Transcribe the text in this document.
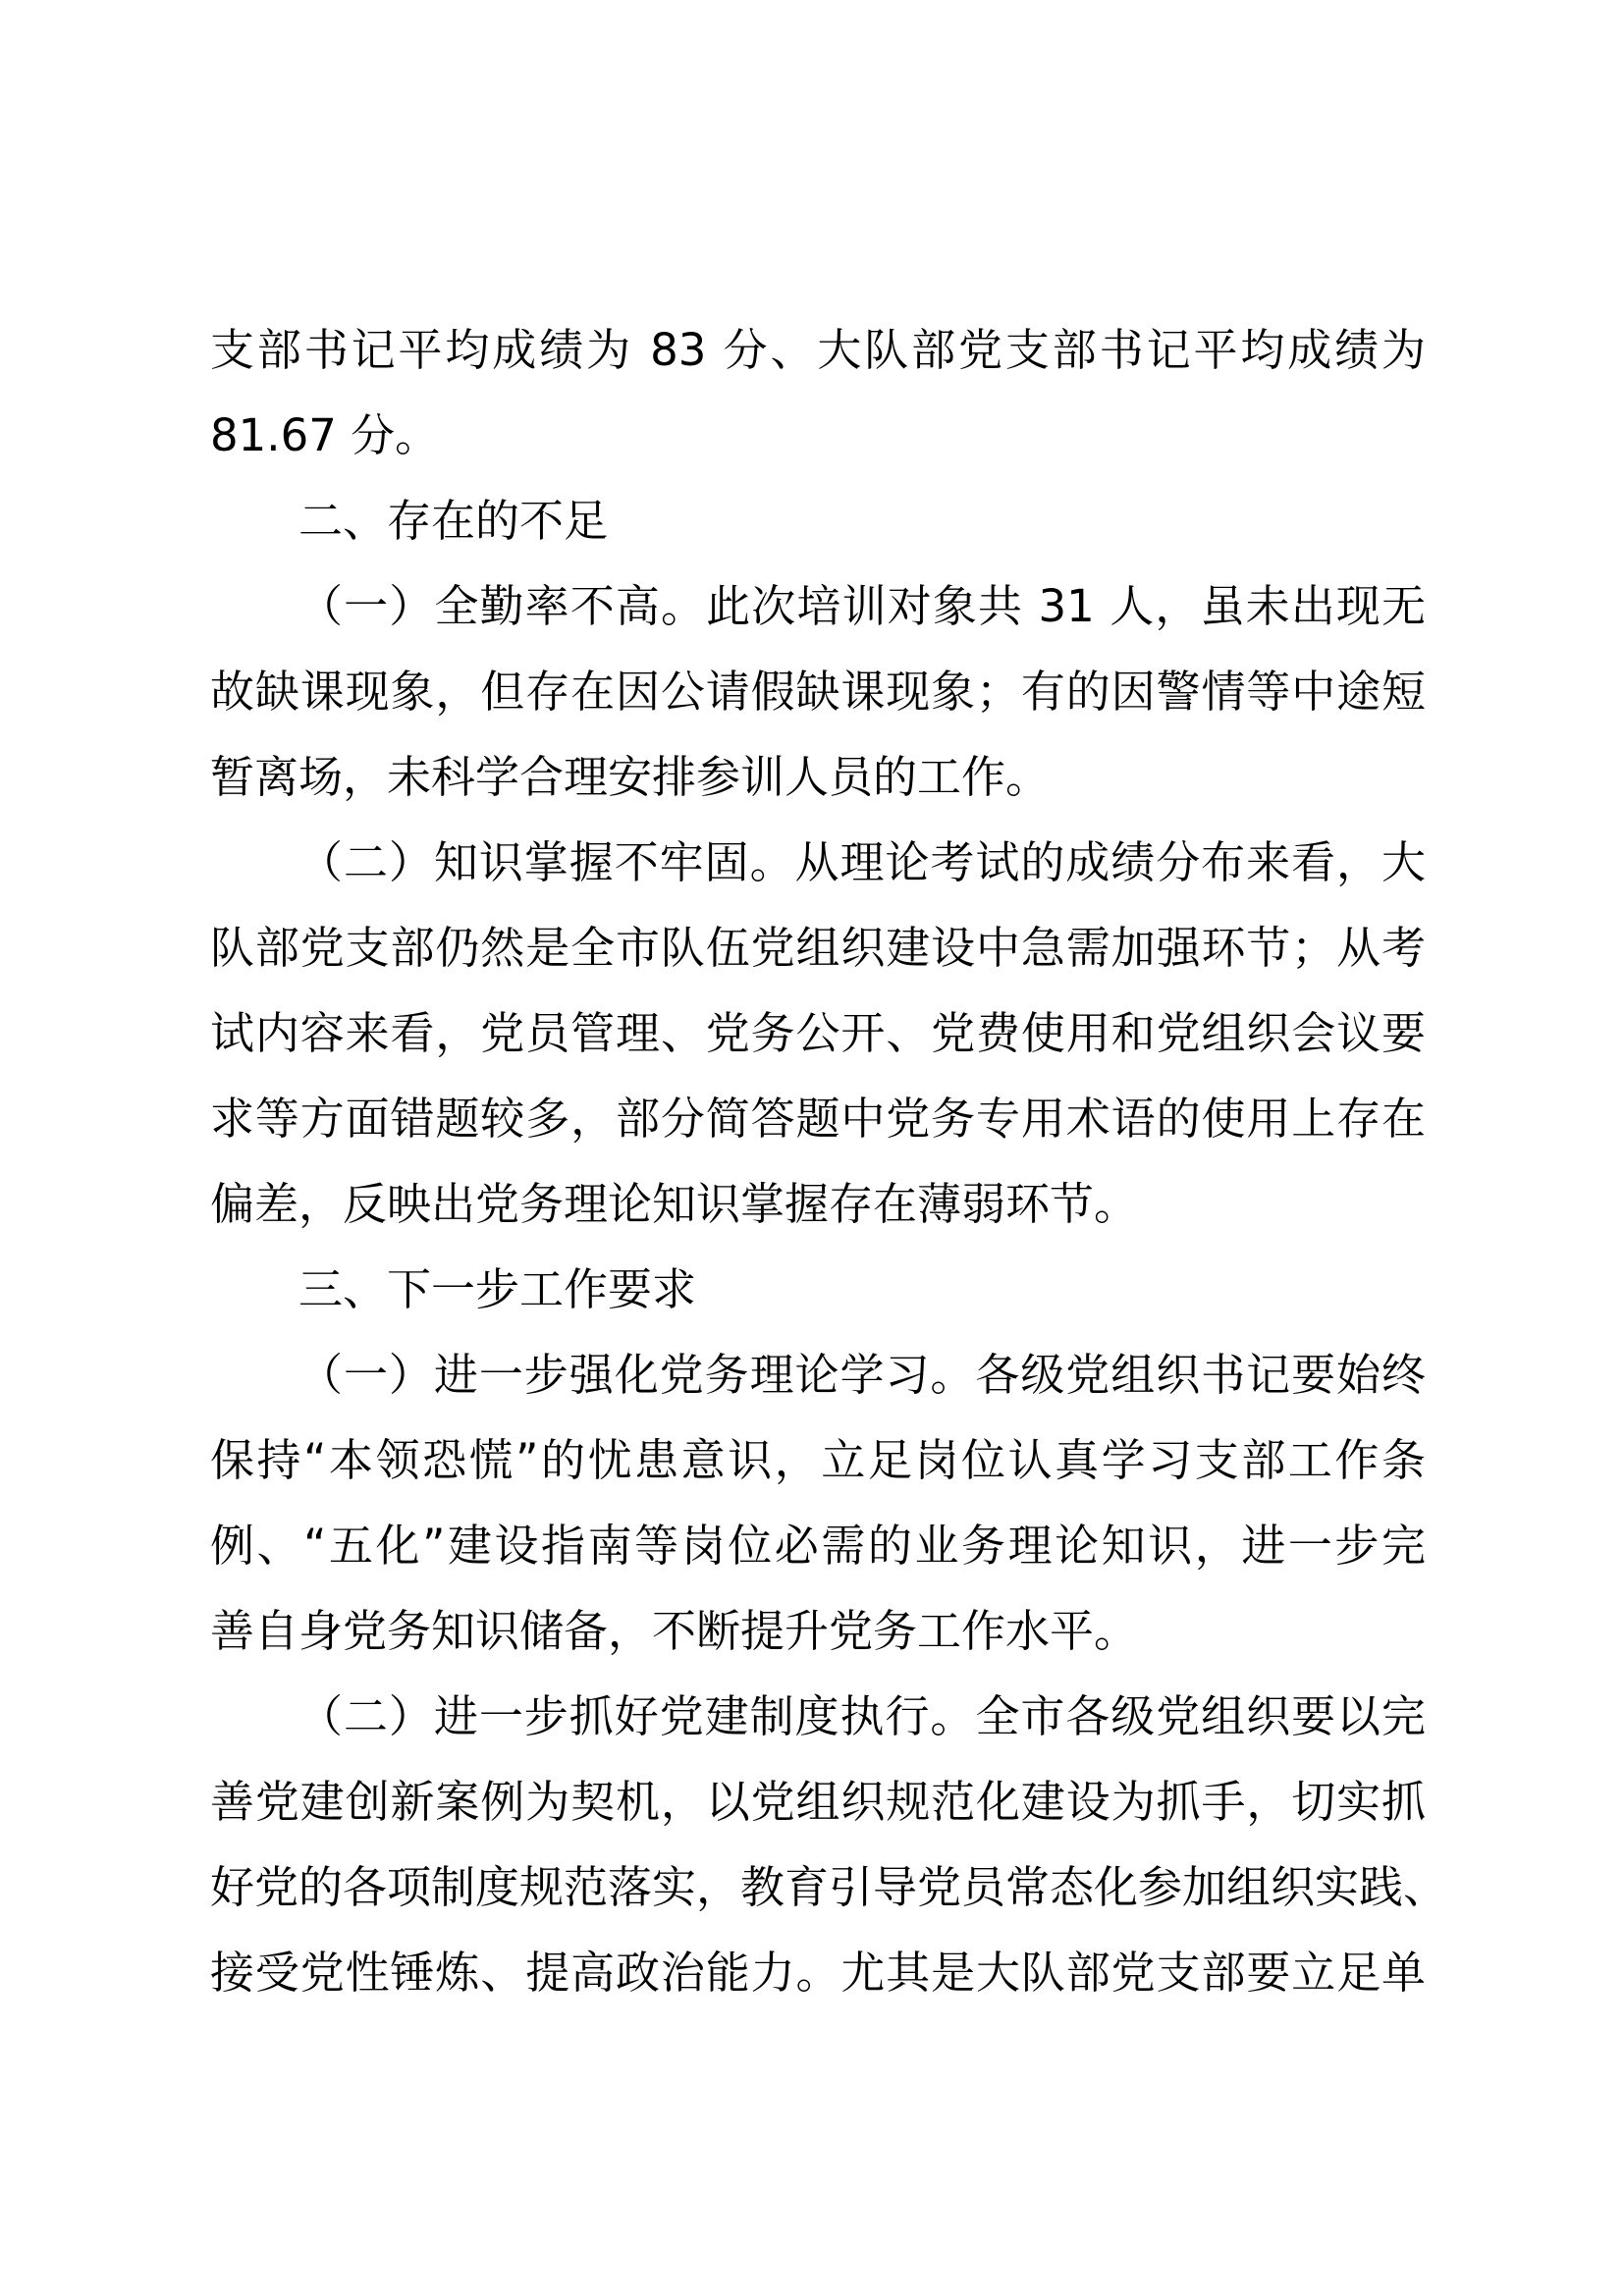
支部书记平均成绩为 83 分、大队部党支部书记平均成绩为
81.67 分。
二、存在的不足
（一）全勤率不高。此次培训对象共 31 人，虽未出现无
故缺课现象，但存在因公请假缺课现象；有的因警情等中途短
暂离场，未科学合理安排参训人员的工作。
（二）知识掌握不牢固。从理论考试的成绩分布来看，大
队部党支部仍然是全市队伍党组织建设中急需加强环节；从考
试内容来看，党员管理、党务公开、党费使用和党组织会议要
求等方面错题较多，部分简答题中党务专用术语的使用上存在
偏差，反映出党务理论知识掌握存在薄弱环节。
三、下一步工作要求
（一）进一步强化党务理论学习。各级党组织书记要始终
保持“本领恐慌”的忧患意识，立足岗位认真学习支部工作条
例、“五化”建设指南等岗位必需的业务理论知识，进一步完
善自身党务知识储备，不断提升党务工作水平。
（二）进一步抓好党建制度执行。全市各级党组织要以完
善党建创新案例为契机，以党组织规范化建设为抓手，切实抓
好党的各项制度规范落实，教育引导党员常态化参加组织实践、
接受党性锤炼、提高政治能力。尤其是大队部党支部要立足单
